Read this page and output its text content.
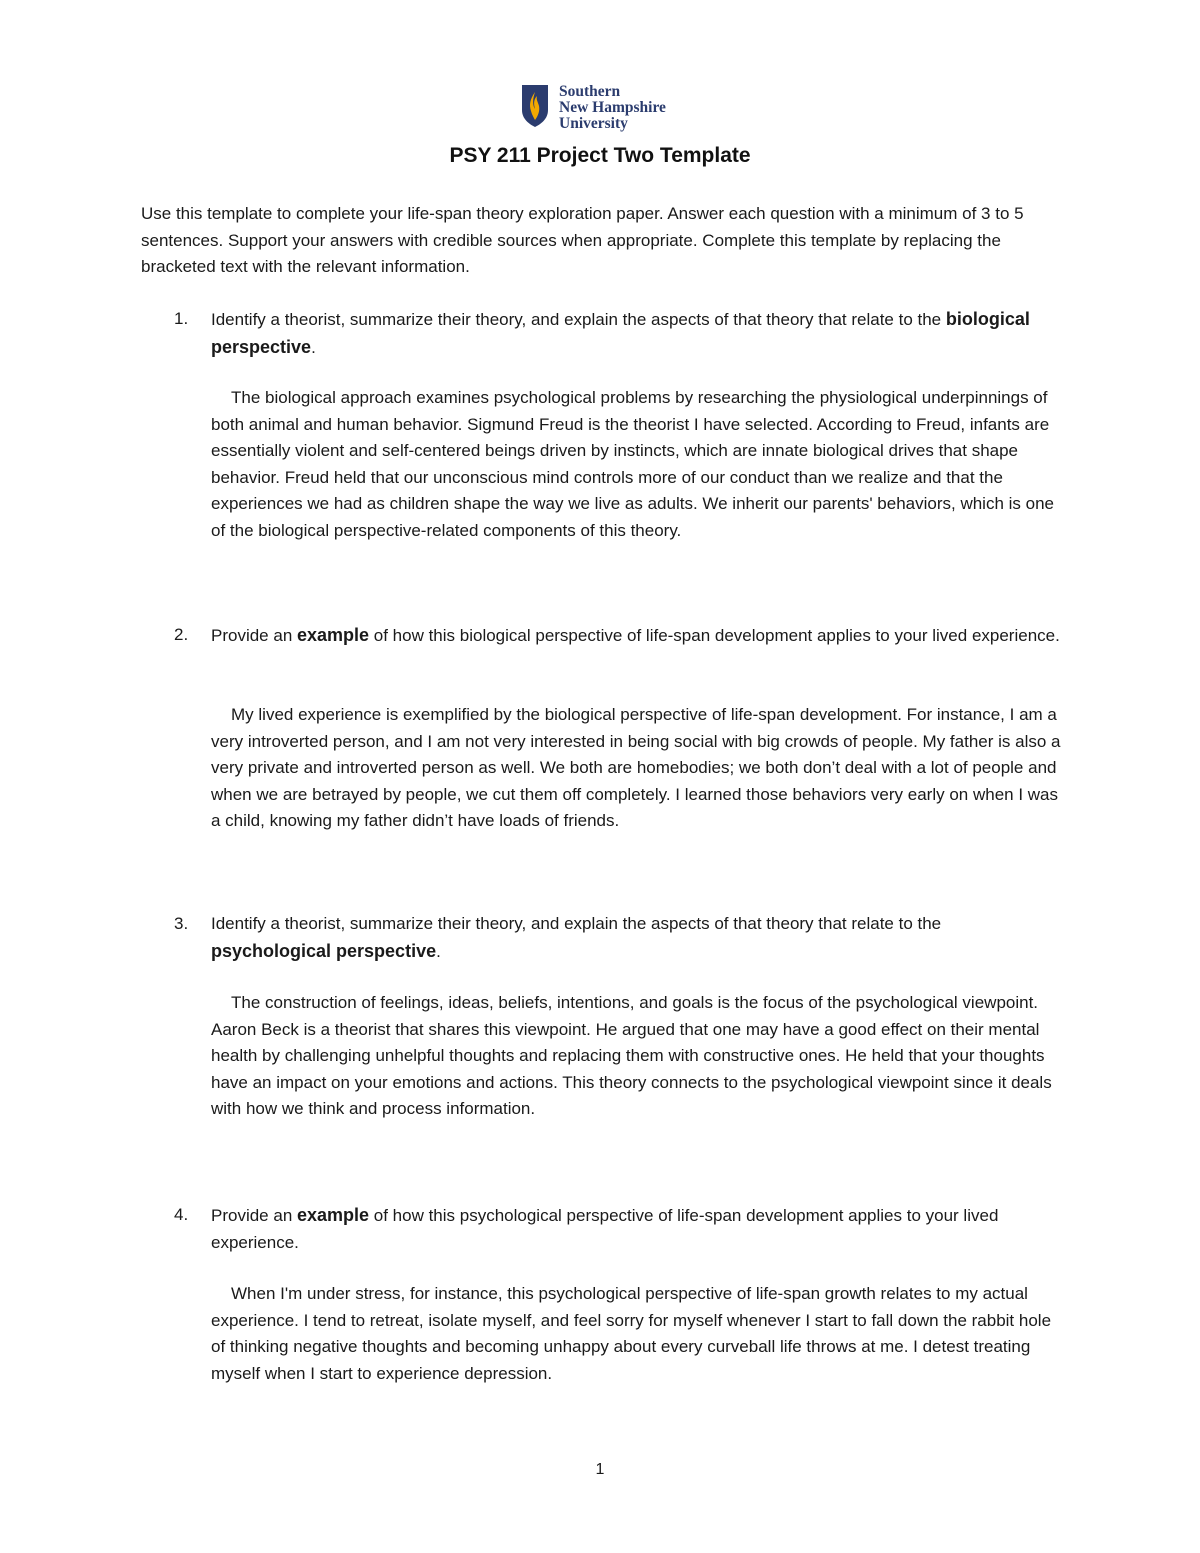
Southern
New Hampshire
University
PSY 211 Project Two Template
Use this template to complete your life-span theory exploration paper. Answer each question with a minimum of 3 to 5 sentences. Support your answers with credible sources when appropriate. Complete this template by replacing the bracketed text with the relevant information.
1.	Identify a theorist, summarize their theory, and explain the aspects of that theory that relate to the biological perspective.
The biological approach examines psychological problems by researching the physiological underpinnings of both animal and human behavior. Sigmund Freud is the theorist I have selected. According to Freud, infants are essentially violent and self-centered beings driven by instincts, which are innate biological drives that shape behavior. Freud held that our unconscious mind controls more of our conduct than we realize and that the experiences we had as children shape the way we live as adults. We inherit our parents' behaviors, which is one of the biological perspective-related components of this theory.
2.	Provide an example of how this biological perspective of life-span development applies to your lived experience.
My lived experience is exemplified by the biological perspective of life-span development. For instance, I am a very introverted person, and I am not very interested in being social with big crowds of people. My father is also a very private and introverted person as well. We both are homebodies; we both don’t deal with a lot of people and when we are betrayed by people, we cut them off completely. I learned those behaviors very early on when I was a child, knowing my father didn’t have loads of friends.
3.	Identify a theorist, summarize their theory, and explain the aspects of that theory that relate to the psychological perspective.
The construction of feelings, ideas, beliefs, intentions, and goals is the focus of the psychological viewpoint. Aaron Beck is a theorist that shares this viewpoint. He argued that one may have a good effect on their mental health by challenging unhelpful thoughts and replacing them with constructive ones. He held that your thoughts have an impact on your emotions and actions. This theory connects to the psychological viewpoint since it deals with how we think and process information.
4.	Provide an example of how this psychological perspective of life-span development applies to your lived experience.
When I'm under stress, for instance, this psychological perspective of life-span growth relates to my actual experience. I tend to retreat, isolate myself, and feel sorry for myself whenever I start to fall down the rabbit hole of thinking negative thoughts and becoming unhappy about every curveball life throws at me. I detest treating myself when I start to experience depression.
1
